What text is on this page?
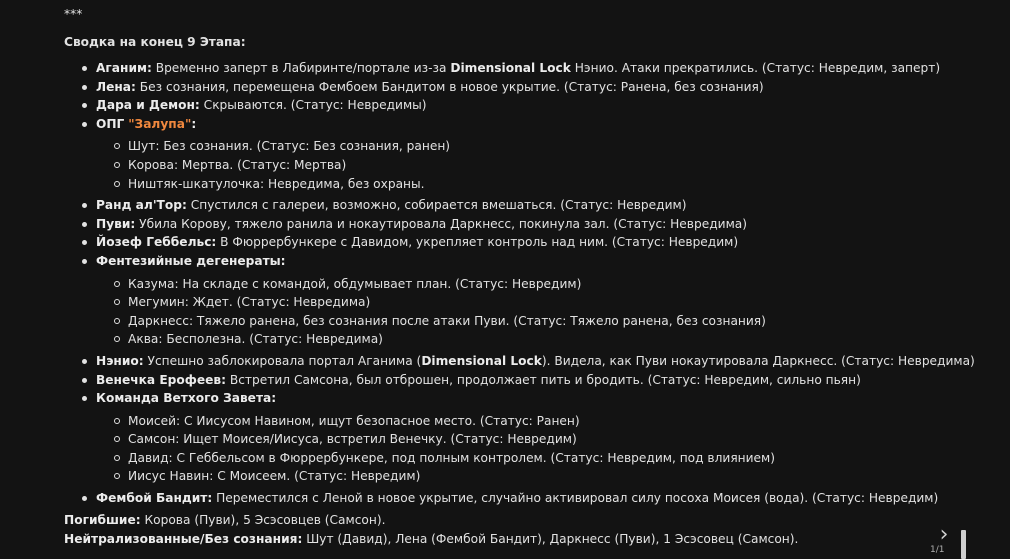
***
Сводка на конец 9 Этапа:
Аганим: Временно заперт в Лабиринте/портале из-за Dimensional Lock Нэнио. Атаки прекратились. (Статус: Невредим, заперт)
Лена: Без сознания, перемещена Фембоем Бандитом в новое укрытие. (Статус: Ранена, без сознания)
Дара и Демон: Скрываются. (Статус: Невредимы)
ОПГ "Залупа":
Шут: Без сознания. (Статус: Без сознания, ранен)
Корова: Мертва. (Статус: Мертва)
Ништяк-шкатулочка: Невредима, без охраны.
Ранд ал'Тор: Спустился с галереи, возможно, собирается вмешаться. (Статус: Невредим)
Пуви: Убила Корову, тяжело ранила и нокаутировала Даркнесс, покинула зал. (Статус: Невредима)
Йозеф Геббельс: В Фюррербункере с Давидом, укрепляет контроль над ним. (Статус: Невредим)
Фентезийные дегенераты:
Казума: На складе с командой, обдумывает план. (Статус: Невредим)
Мегумин: Ждет. (Статус: Невредима)
Даркнесс: Тяжело ранена, без сознания после атаки Пуви. (Статус: Тяжело ранена, без сознания)
Аква: Бесполезна. (Статус: Невредима)
Нэнио: Успешно заблокировала портал Аганима (Dimensional Lock). Видела, как Пуви нокаутировала Даркнесс. (Статус: Невредима)
Венечка Ерофеев: Встретил Самсона, был отброшен, продолжает пить и бродить. (Статус: Невредим, сильно пьян)
Команда Ветхого Завета:
Моисей: С Иисусом Навином, ищут безопасное место. (Статус: Ранен)
Самсон: Ищет Моисея/Иисуса, встретил Венечку. (Статус: Невредим)
Давид: С Геббельсом в Фюррербункере, под полным контролем. (Статус: Невредим, под влиянием)
Иисус Навин: С Моисеем. (Статус: Невредим)
Фембой Бандит: Переместился с Леной в новое укрытие, случайно активировал силу посоха Моисея (вода). (Статус: Невредим)
Погибшие: Корова (Пуви), 5 Эсэсовцев (Самсон).
Нейтрализованные/Без сознания: Шут (Давид), Лена (Фембой Бандит), Даркнесс (Пуви), 1 Эсэсовец (Самсон).	›
1/1
